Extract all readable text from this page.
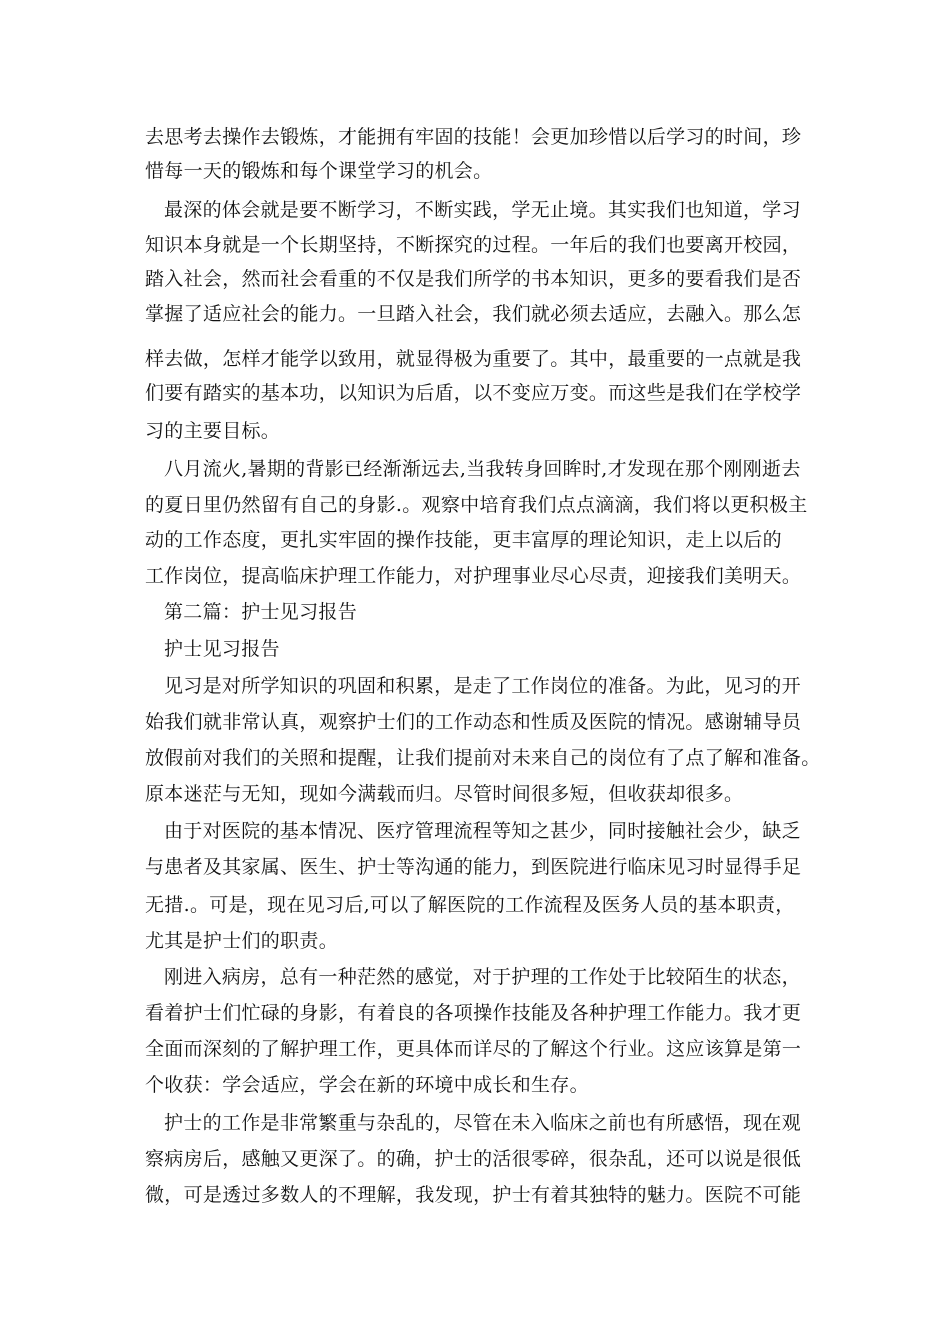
去思考去操作去锻炼，才能拥有牢固的技能！会更加珍惜以后学习的时间，珍
惜每一天的锻炼和每个课堂学习的机会。
最深的体会就是要不断学习，不断实践，学无止境。其实我们也知道，学习
知识本身就是一个长期坚持，不断探究的过程。一年后的我们也要离开校园，
踏入社会，然而社会看重的不仅是我们所学的书本知识，更多的要看我们是否
掌握了适应社会的能力。一旦踏入社会，我们就必须去适应，去融入。那么怎
样去做，怎样才能学以致用，就显得极为重要了。其中，最重要的一点就是我
们要有踏实的基本功，以知识为后盾，以不变应万变。而这些是我们在学校学
习的主要目标。
八月流火,暑期的背影已经渐渐远去,当我转身回眸时,才发现在那个刚刚逝去
的夏日里仍然留有自己的身影.。观察中培育我们点点滴滴，我们将以更积极主
动的工作态度，更扎实牢固的操作技能，更丰富厚的理论知识，走上以后的
工作岗位，提高临床护理工作能力，对护理事业尽心尽责，迎接我们美明天。
第二篇：护士见习报告
护士见习报告
见习是对所学知识的巩固和积累，是走了工作岗位的准备。为此，见习的开
始我们就非常认真，观察护士们的工作动态和性质及医院的情况。感谢辅导员
放假前对我们的关照和提醒，让我们提前对未来自己的岗位有了点了解和准备。
原本迷茫与无知，现如今满载而归。尽管时间很多短，但收获却很多。
由于对医院的基本情况、医疗管理流程等知之甚少，同时接触社会少，缺乏
与患者及其家属、医生、护士等沟通的能力，到医院进行临床见习时显得手足
无措.。可是，现在见习后,可以了解医院的工作流程及医务人员的基本职责，
尤其是护士们的职责。
刚进入病房，总有一种茫然的感觉，对于护理的工作处于比较陌生的状态，
看着护士们忙碌的身影，有着良的各项操作技能及各种护理工作能力。我才更
全面而深刻的了解护理工作，更具体而详尽的了解这个行业。这应该算是第一
个收获：学会适应，学会在新的环境中成长和生存。
护士的工作是非常繁重与杂乱的，尽管在未入临床之前也有所感悟，现在观
察病房后，感触又更深了。的确，护士的活很零碎，很杂乱，还可以说是很低
微，可是透过多数人的不理解，我发现，护士有着其独特的魅力。医院不可能
